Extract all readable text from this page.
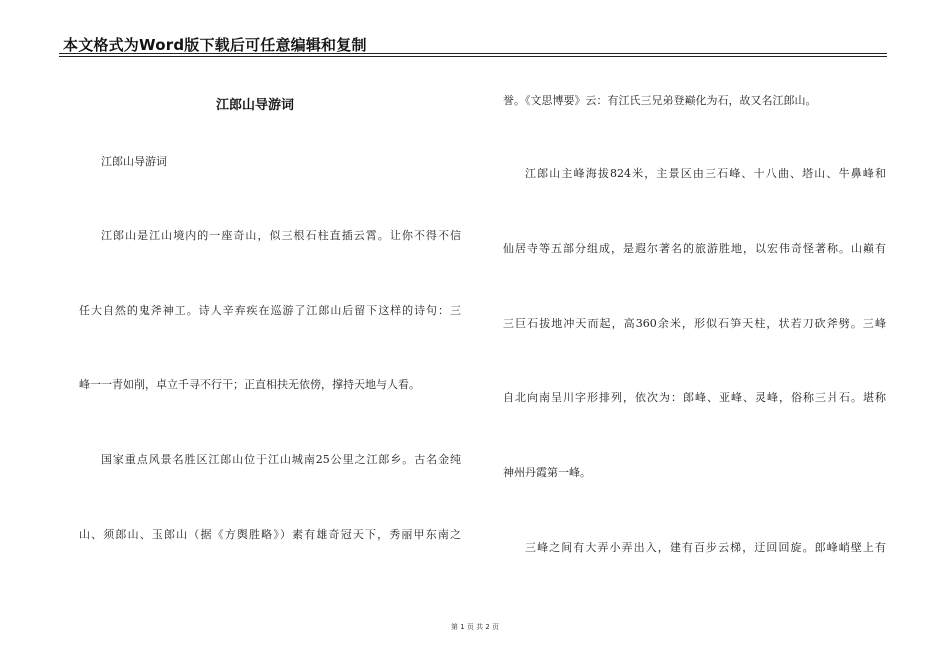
本文格式为Word版下载后可任意编辑和复制
江郎山导游词
江郎山导游词
江郎山是江山境内的一座奇山，似三根石柱直插云霄。让你不得不信
任大自然的鬼斧神工。诗人辛弃疾在巡游了江郎山后留下这样的诗句：三
峰一一青如削，卓立千寻不行干；正直相扶无依傍，撑持天地与人看。
国家重点风景名胜区江郎山位于江山城南25公里之江郎乡。古名金纯
山、须郎山、玉郎山（据《方舆胜略》）素有雄奇冠天下，秀丽甲东南之
誉。《文思博要》云：有江氏三兄弟登巅化为石，故又名江郎山。
江郎山主峰海拔824米，主景区由三石峰、十八曲、塔山、牛鼻峰和
仙居寺等五部分组成，是遐尔著名的旅游胜地，以宏伟奇怪著称。山巅有
三巨石拔地冲天而起，高360余米，形似石笋天柱，状若刀砍斧劈。三峰
自北向南呈川字形排列，依次为：郎峰、亚峰、灵峰，俗称三爿石。堪称
神州丹霞第一峰。
三峰之间有大弄小弄出入，建有百步云梯，迂回回旋。郎峰峭壁上有
第 1 页 共 2 页
